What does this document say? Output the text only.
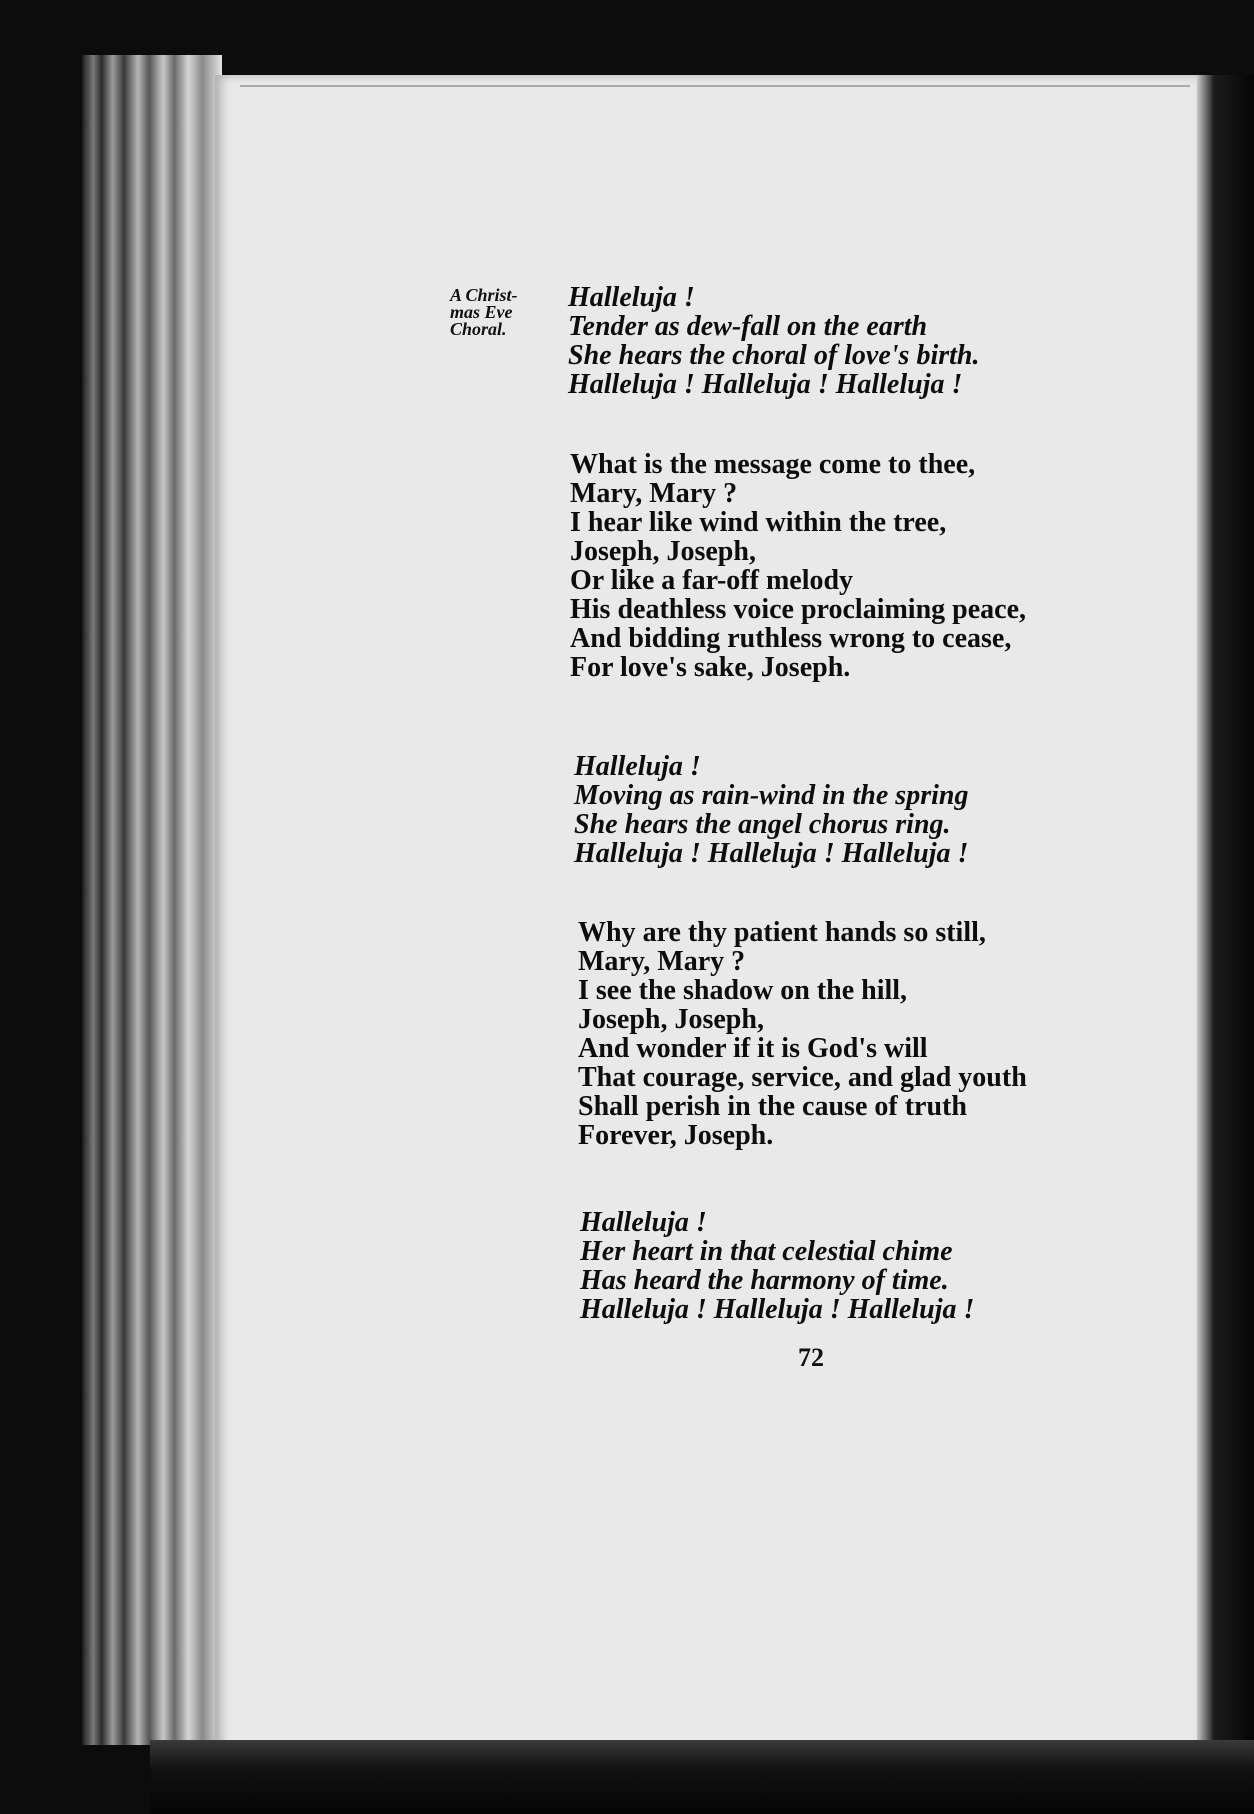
A Christ-
mas Eve
Choral.
Halleluja !
Tender as dew-fall on the earth
She hears the choral of love's birth.
Halleluja ! Halleluja ! Halleluja !
What is the message come to thee,
Mary, Mary ?
I hear like wind within the tree,
Joseph, Joseph,
Or like a far-off melody
His deathless voice proclaiming peace,
And bidding ruthless wrong to cease,
For love's sake, Joseph.
Halleluja !
Moving as rain-wind in the spring
She hears the angel chorus ring.
Halleluja ! Halleluja ! Halleluja !
Why are thy patient hands so still,
Mary, Mary ?
I see the shadow on the hill,
Joseph, Joseph,
And wonder if it is God's will
That courage, service, and glad youth
Shall perish in the cause of truth
Forever, Joseph.
Halleluja !
Her heart in that celestial chime
Has heard the harmony of time.
Halleluja ! Halleluja ! Halleluja !
72
